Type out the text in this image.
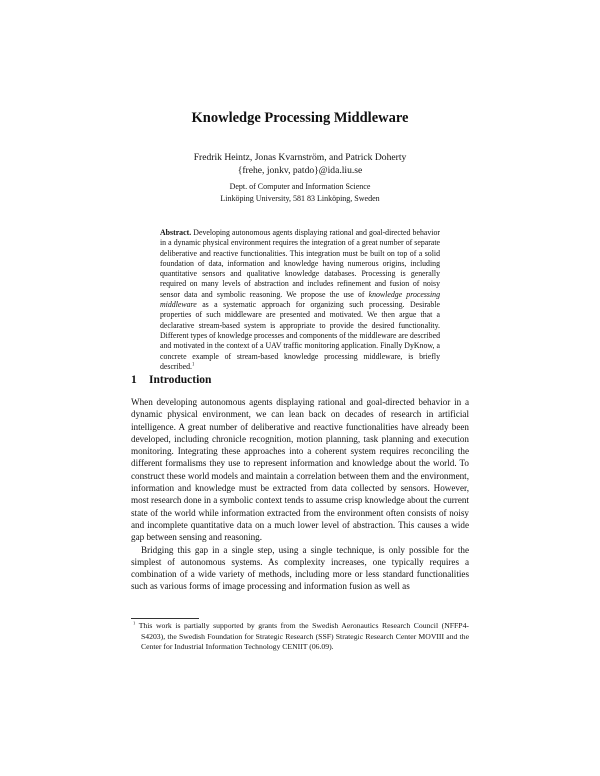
Knowledge Processing Middleware
Fredrik Heintz, Jonas Kvarnström, and Patrick Doherty
{frehe, jonkv, patdo}@ida.liu.se
Dept. of Computer and Information Science
Linköping University, 581 83 Linköping, Sweden
Abstract. Developing autonomous agents displaying rational and goal-directed behavior in a dynamic physical environment requires the integration of a great number of separate deliberative and reactive functionalities. This integration must be built on top of a solid foundation of data, information and knowledge having numerous origins, including quantitative sensors and qualitative knowledge databases. Processing is generally required on many levels of abstraction and includes refinement and fusion of noisy sensor data and symbolic reasoning. We propose the use of knowledge processing middleware as a systematic approach for organizing such processing. Desirable properties of such middleware are presented and motivated. We then argue that a declarative stream-based system is appropriate to provide the desired functionality. Different types of knowledge processes and components of the middleware are described and motivated in the context of a UAV traffic monitoring application. Finally DyKnow, a concrete example of stream-based knowledge processing middleware, is briefly described.$^1$
1 Introduction

When developing autonomous agents displaying rational and goal-directed behavior in a dynamic physical environment, we can lean back on decades of research in artificial intelligence. A great number of deliberative and reactive functionalities have already been developed, including chronicle recognition, motion planning, task planning and execution monitoring. Integrating these approaches into a coherent system requires reconciling the different formalisms they use to represent information and knowledge about the world. To construct these world models and maintain a correlation between them and the environment, information and knowledge must be extracted from data collected by sensors. However, most research done in a symbolic context tends to assume crisp knowledge about the current state of the world while information extracted from the environment often consists of noisy and incomplete quantitative data on a much lower level of abstraction. This causes a wide gap between sensing and reasoning.

Bridging this gap in a single step, using a single technique, is only possible for the simplest of autonomous systems. As complexity increases, one typically requires a combination of a wide variety of methods, including more or less standard functionalities such as various forms of image processing and information fusion as well as

$^1$ This work is partially supported by grants from the Swedish Aeronautics Research Council (NFFP4-S4203), the Swedish Foundation for Strategic Research (SSF) Strategic Research Center MOVIII and the Center for Industrial Information Technology CENIIT (06.09).
